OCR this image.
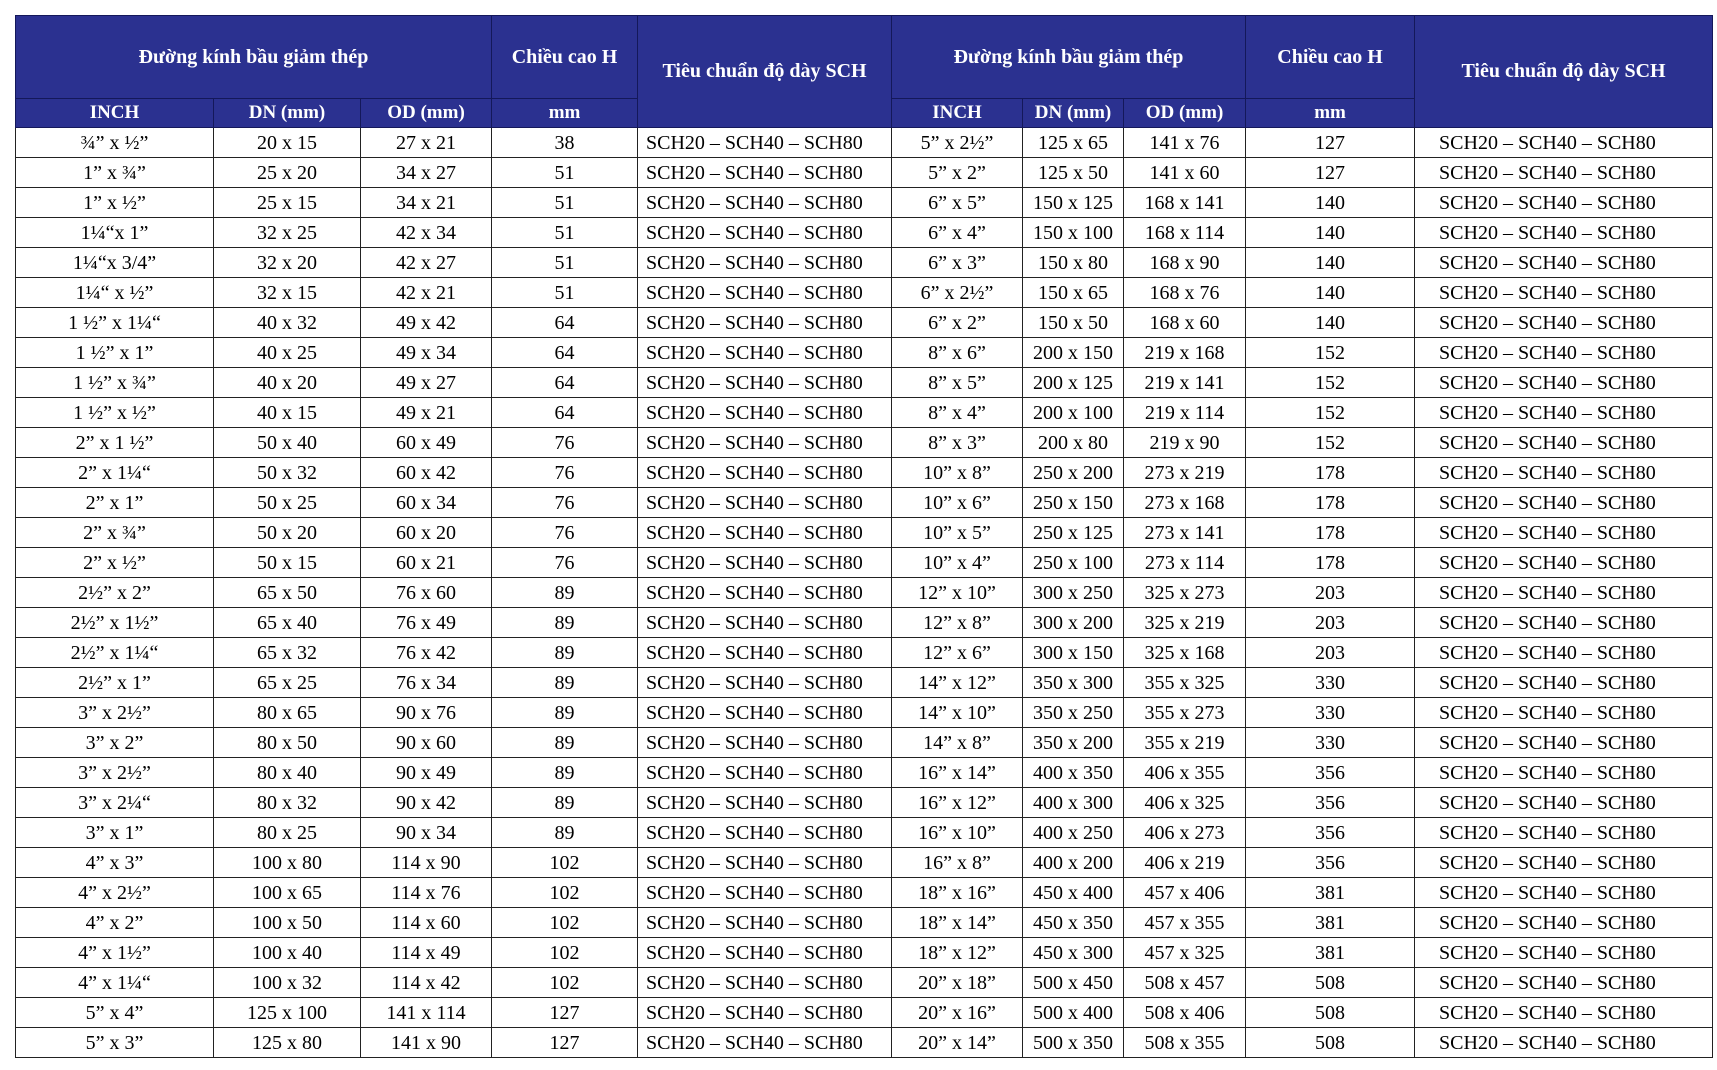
Đường kính bầu giảm thép			Chiều cao H	Tiêu chuẩn độ dày SCH	Đường kính bầu giảm thép			Chiều cao H	Tiêu chuẩn độ dày SCH
INCH	DN (mm)	OD (mm)	mm		INCH	DN (mm)	OD (mm)	mm	
¾” x ½”	20 x 15	27 x 21	38	SCH20 – SCH40 – SCH80	5” x 2½”	125 x 65	141 x 76	127	SCH20 – SCH40 – SCH80
1” x ¾”	25 x 20	34 x 27	51	SCH20 – SCH40 – SCH80	5” x 2”	125 x 50	141 x 60	127	SCH20 – SCH40 – SCH80
1” x ½”	25 x 15	34 x 21	51	SCH20 – SCH40 – SCH80	6” x 5”	150 x 125	168 x 141	140	SCH20 – SCH40 – SCH80
1¼“x 1”	32 x 25	42 x 34	51	SCH20 – SCH40 – SCH80	6” x 4”	150 x 100	168 x 114	140	SCH20 – SCH40 – SCH80
1¼“x 3/4”	32 x 20	42 x 27	51	SCH20 – SCH40 – SCH80	6” x 3”	150 x 80	168 x 90	140	SCH20 – SCH40 – SCH80
1¼“ x ½”	32 x 15	42 x 21	51	SCH20 – SCH40 – SCH80	6” x 2½”	150 x 65	168 x 76	140	SCH20 – SCH40 – SCH80
1 ½” x 1¼“	40 x 32	49 x 42	64	SCH20 – SCH40 – SCH80	6” x 2”	150 x 50	168 x 60	140	SCH20 – SCH40 – SCH80
1 ½” x 1”	40 x 25	49 x 34	64	SCH20 – SCH40 – SCH80	8” x 6”	200 x 150	219 x 168	152	SCH20 – SCH40 – SCH80
1 ½” x ¾”	40 x 20	49 x 27	64	SCH20 – SCH40 – SCH80	8” x 5”	200 x 125	219 x 141	152	SCH20 – SCH40 – SCH80
1 ½” x ½”	40 x 15	49 x 21	64	SCH20 – SCH40 – SCH80	8” x 4”	200 x 100	219 x 114	152	SCH20 – SCH40 – SCH80
2” x 1 ½”	50 x 40	60 x 49	76	SCH20 – SCH40 – SCH80	8” x 3”	200 x 80	219 x 90	152	SCH20 – SCH40 – SCH80
2” x 1¼“	50 x 32	60 x 42	76	SCH20 – SCH40 – SCH80	10” x 8”	250 x 200	273 x 219	178	SCH20 – SCH40 – SCH80
2” x 1”	50 x 25	60 x 34	76	SCH20 – SCH40 – SCH80	10” x 6”	250 x 150	273 x 168	178	SCH20 – SCH40 – SCH80
2” x ¾”	50 x 20	60 x 20	76	SCH20 – SCH40 – SCH80	10” x 5”	250 x 125	273 x 141	178	SCH20 – SCH40 – SCH80
2” x ½”	50 x 15	60 x 21	76	SCH20 – SCH40 – SCH80	10” x 4”	250 x 100	273 x 114	178	SCH20 – SCH40 – SCH80
2½” x 2”	65 x 50	76 x 60	89	SCH20 – SCH40 – SCH80	12” x 10”	300 x 250	325 x 273	203	SCH20 – SCH40 – SCH80
2½” x 1½”	65 x 40	76 x 49	89	SCH20 – SCH40 – SCH80	12” x 8”	300 x 200	325 x 219	203	SCH20 – SCH40 – SCH80
2½” x 1¼“	65 x 32	76 x 42	89	SCH20 – SCH40 – SCH80	12” x 6”	300 x 150	325 x 168	203	SCH20 – SCH40 – SCH80
2½” x 1”	65 x 25	76 x 34	89	SCH20 – SCH40 – SCH80	14” x 12”	350 x 300	355 x 325	330	SCH20 – SCH40 – SCH80
3” x 2½”	80 x 65	90 x 76	89	SCH20 – SCH40 – SCH80	14” x 10”	350 x 250	355 x 273	330	SCH20 – SCH40 – SCH80
3” x 2”	80 x 50	90 x 60	89	SCH20 – SCH40 – SCH80	14” x 8”	350 x 200	355 x 219	330	SCH20 – SCH40 – SCH80
3” x 2½”	80 x 40	90 x 49	89	SCH20 – SCH40 – SCH80	16” x 14”	400 x 350	406 x 355	356	SCH20 – SCH40 – SCH80
3” x 2¼“	80 x 32	90 x 42	89	SCH20 – SCH40 – SCH80	16” x 12”	400 x 300	406 x 325	356	SCH20 – SCH40 – SCH80
3” x 1”	80 x 25	90 x 34	89	SCH20 – SCH40 – SCH80	16” x 10”	400 x 250	406 x 273	356	SCH20 – SCH40 – SCH80
4” x 3”	100 x 80	114 x 90	102	SCH20 – SCH40 – SCH80	16” x 8”	400 x 200	406 x 219	356	SCH20 – SCH40 – SCH80
4” x 2½”	100 x 65	114 x 76	102	SCH20 – SCH40 – SCH80	18” x 16”	450 x 400	457 x 406	381	SCH20 – SCH40 – SCH80
4” x 2”	100 x 50	114 x 60	102	SCH20 – SCH40 – SCH80	18” x 14”	450 x 350	457 x 355	381	SCH20 – SCH40 – SCH80
4” x 1½”	100 x 40	114 x 49	102	SCH20 – SCH40 – SCH80	18” x 12”	450 x 300	457 x 325	381	SCH20 – SCH40 – SCH80
4” x 1¼“	100 x 32	114 x 42	102	SCH20 – SCH40 – SCH80	20” x 18”	500 x 450	508 x 457	508	SCH20 – SCH40 – SCH80
5” x 4”	125 x 100	141 x 114	127	SCH20 – SCH40 – SCH80	20” x 16”	500 x 400	508 x 406	508	SCH20 – SCH40 – SCH80
5” x 3”	125 x 80	141 x 90	127	SCH20 – SCH40 – SCH80	20” x 14”	500 x 350	508 x 355	508	SCH20 – SCH40 – SCH80
